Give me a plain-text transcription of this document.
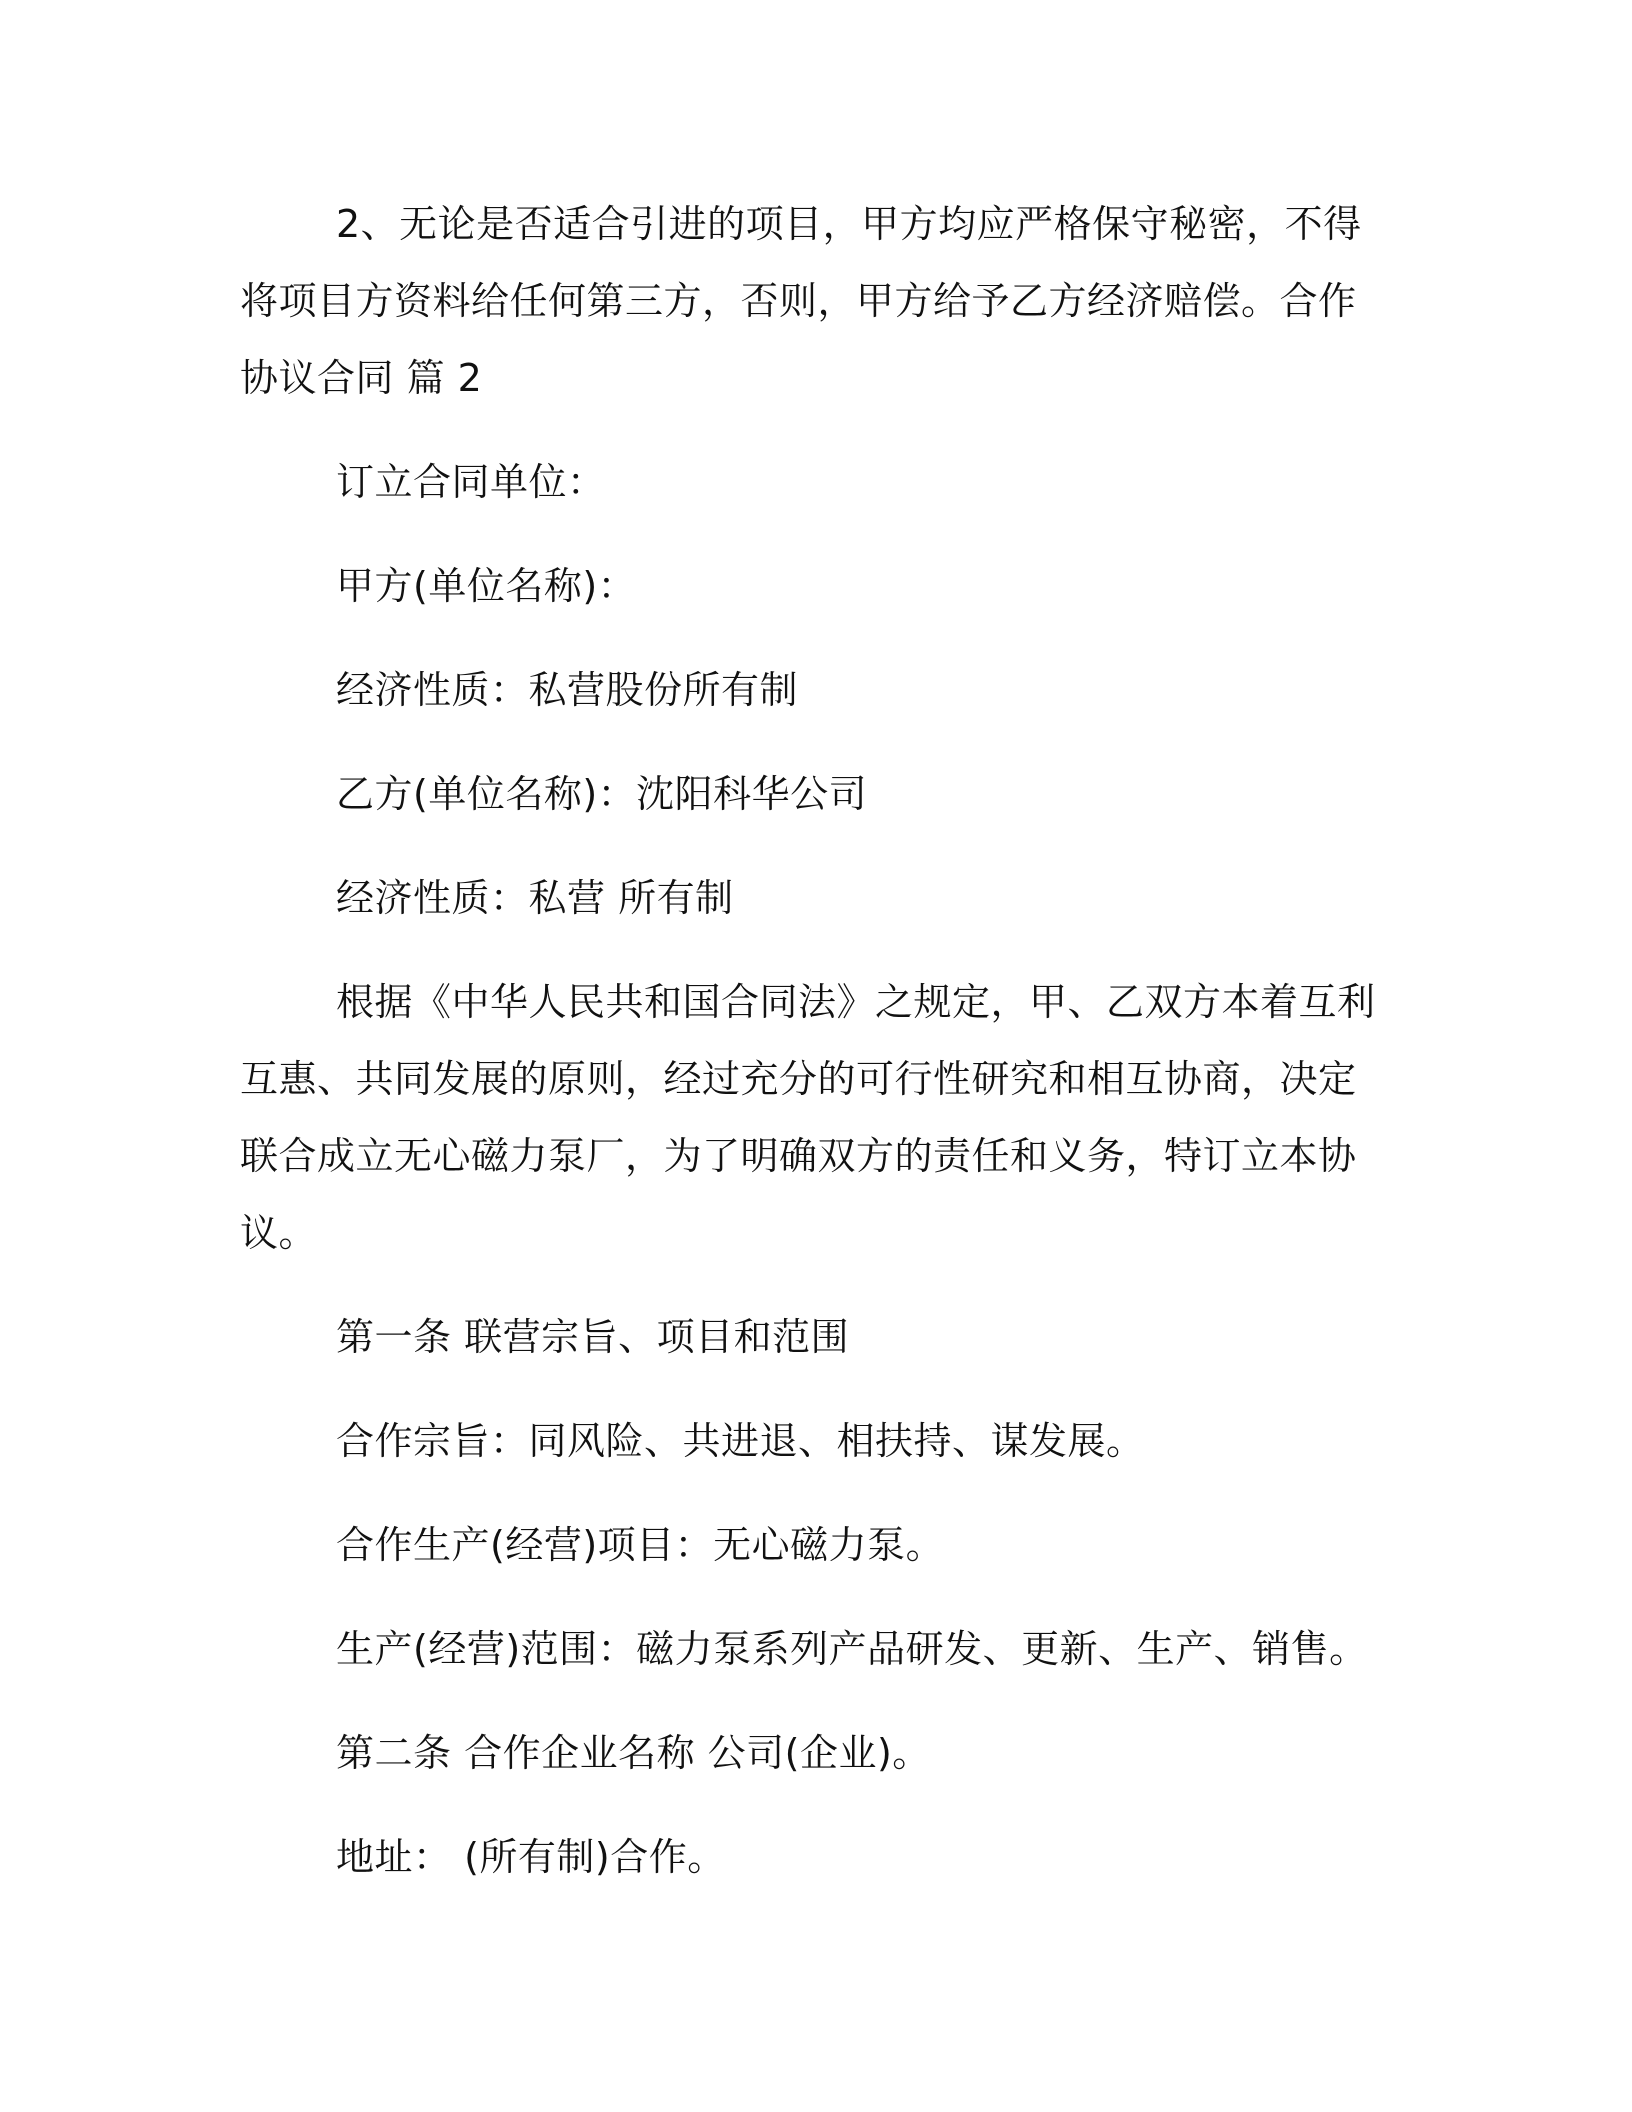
2、无论是否适合引进的项目，甲方均应严格保守秘密，不得将项目方资料给任何第三方，否则，甲方给予乙方经济赔偿。合作协议合同 篇 2

订立合同单位：

甲方(单位名称)：

经济性质：私营股份所有制

乙方(单位名称)：沈阳科华公司

经济性质：私营 所有制

根据《中华人民共和国合同法》之规定，甲、乙双方本着互利互惠、共同发展的原则，经过充分的可行性研究和相互协商，决定联合成立无心磁力泵厂，为了明确双方的责任和义务，特订立本协议。

第一条 联营宗旨、项目和范围

合作宗旨：同风险、共进退、相扶持、谋发展。

合作生产(经营)项目：无心磁力泵。

生产(经营)范围：磁力泵系列产品研发、更新、生产、销售。

第二条 合作企业名称 公司(企业)。

地址： (所有制)合作。
